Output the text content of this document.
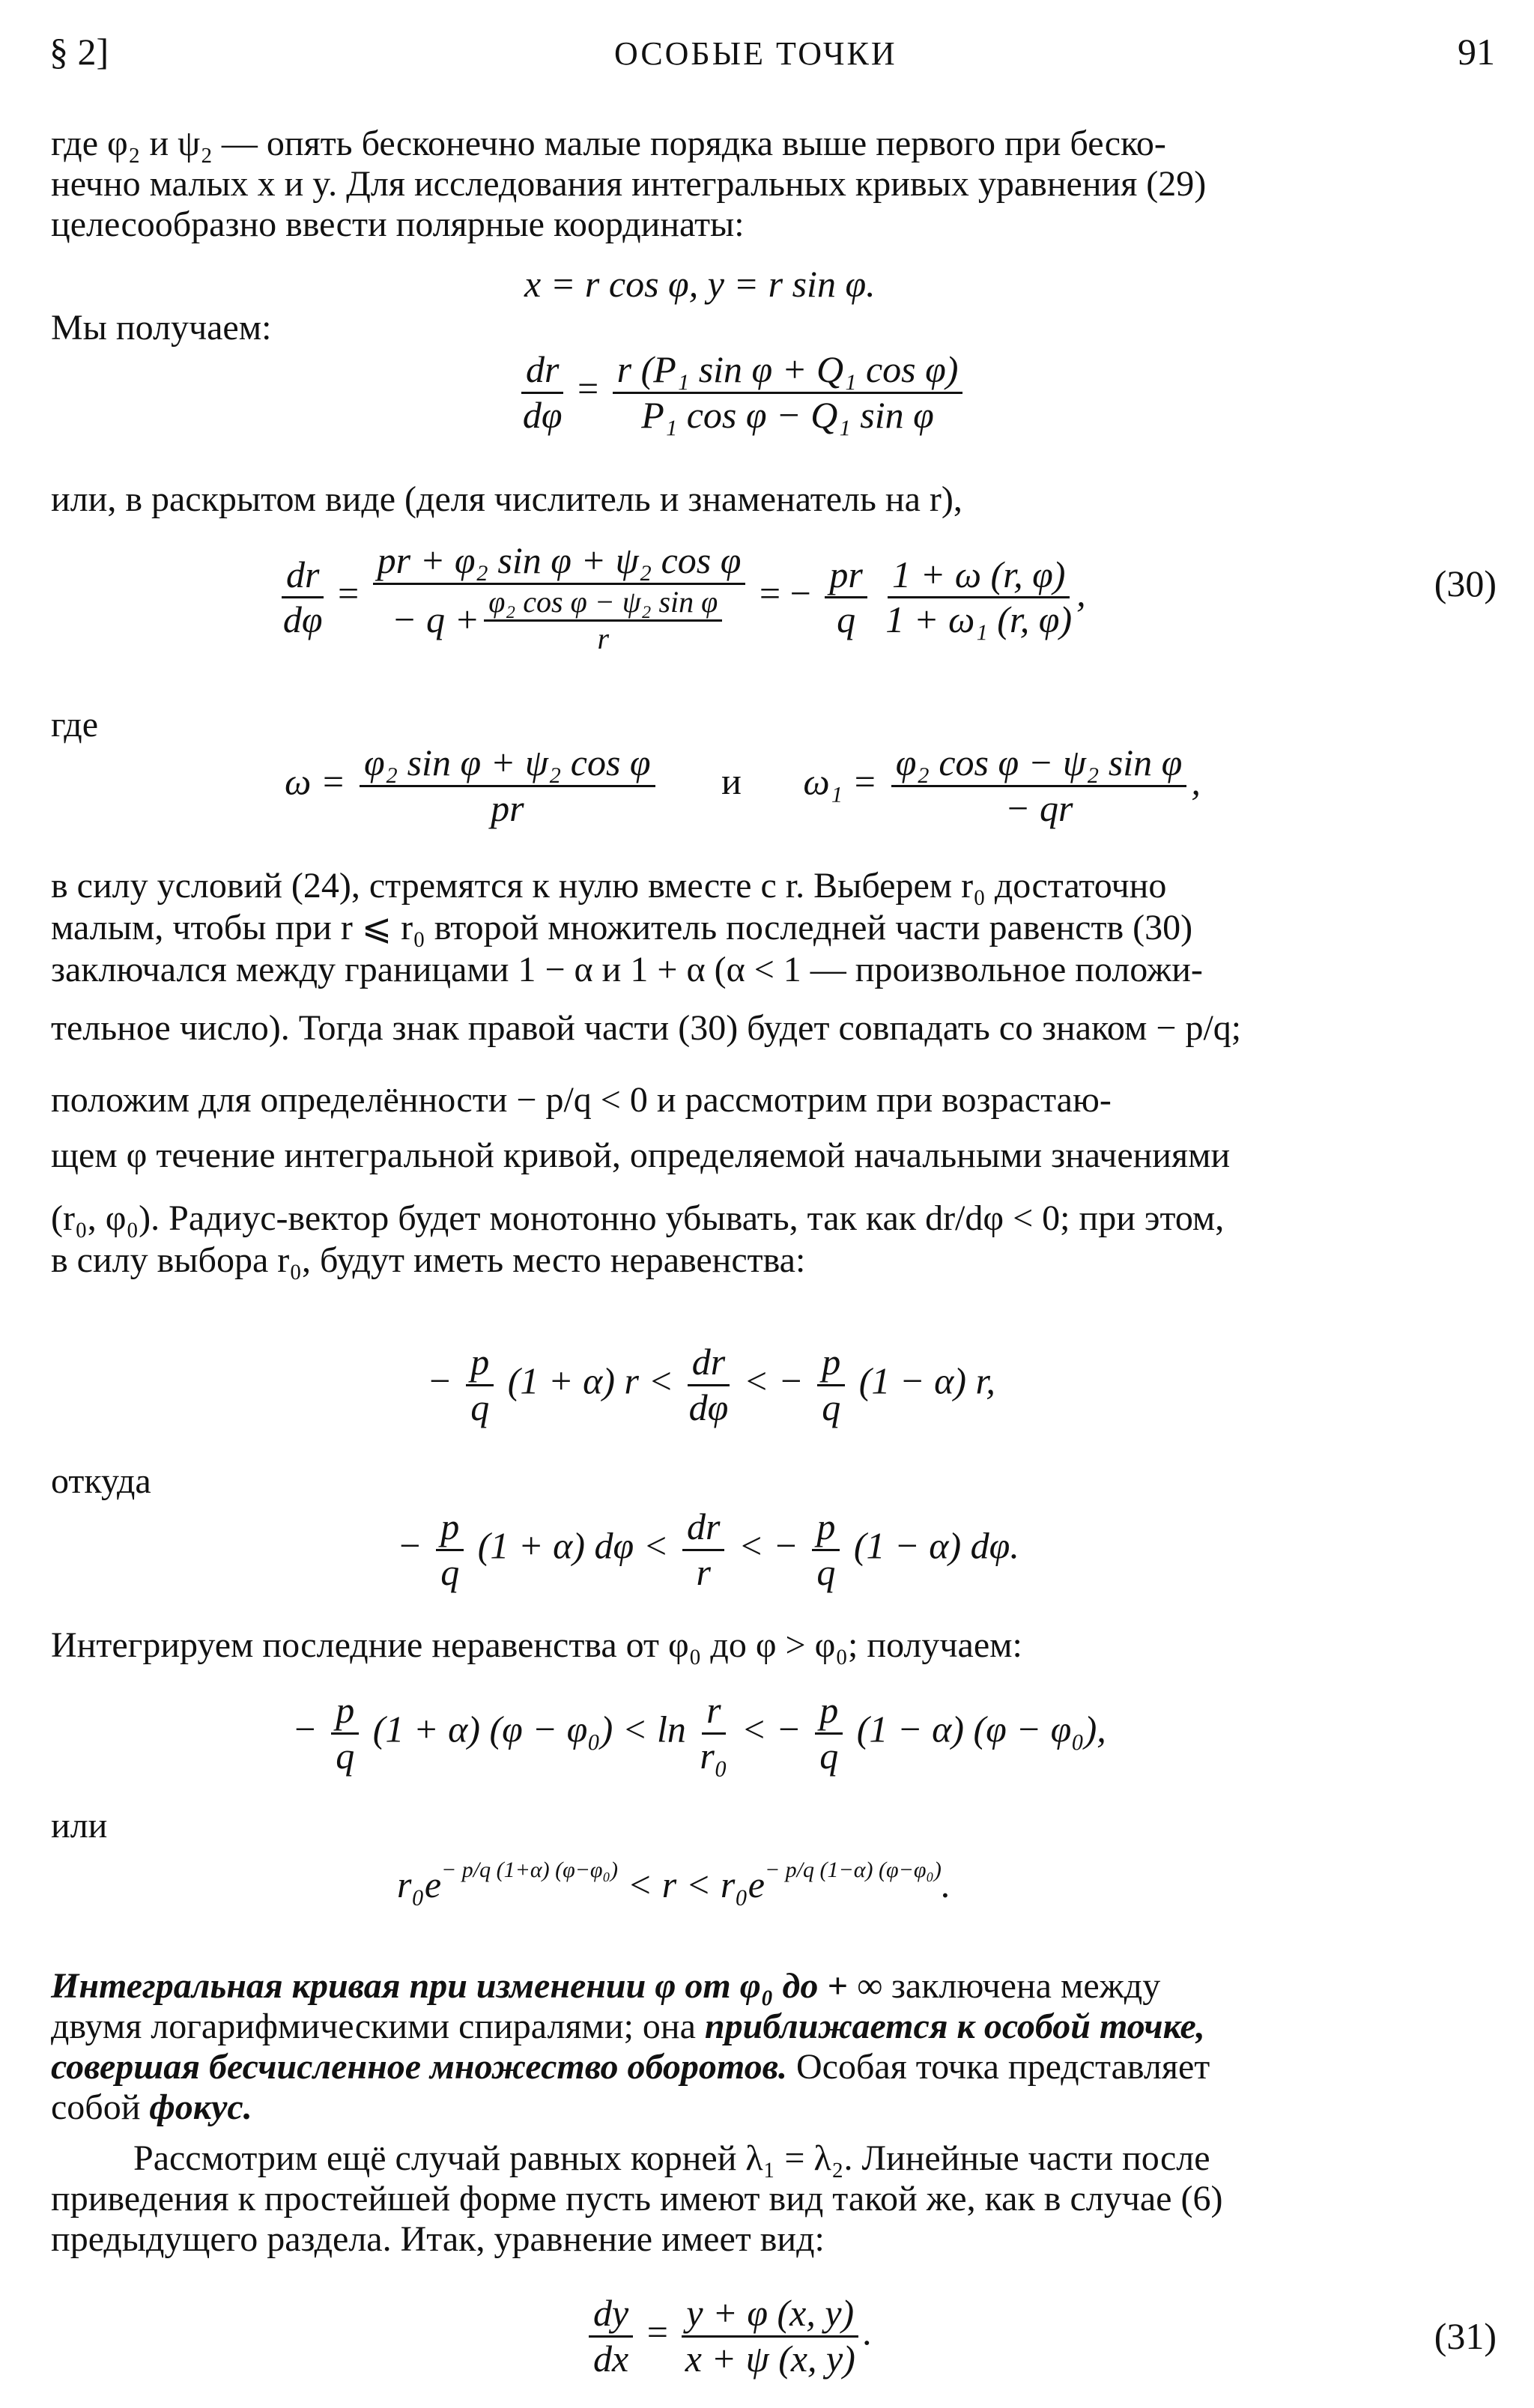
§ 2]	ОСОБЫЕ ТОЧКИ	91
где φ₂ и ψ₂ — опять бесконечно малые порядка выше первого при беско-
нечно малых x и y. Для исследования интегральных кривых уравнения (29)
целесообразно ввести полярные координаты:
x = r cos φ, y = r sin φ.
Мы получаем:
$\frac{dr}{d\varphi} = \frac{\text{r (P₁ sin φ + Q₁ cos φ)}}{\text{P₁ cos φ − Q₁ sin φ}}$
или, в раскрытом виде (деля числитель и знаменатель на r),
$\frac{dr}{d\varphi} = \frac{\text{pr + φ₂ sin φ + ψ₂ cos φ}}{- q + \frac{\text{φ₂ cos φ − ψ₂ sin φ}}{r}}$ = − $\frac{pr}{q}$
$\frac{1 + \omega (r, \varphi)}{\text{1 + ω₁ (r, φ)}}$ ,	(30)
где
$\omega = \frac{\text{φ₂ sin φ + ψ₂ cos φ}}{pr}$ и $\omega_1 = \frac{\text{φ₂ cos φ − ψ₂ sin φ}}{- qr}$ ,
в силу условий (24), стремятся к нулю вместе с r. Выберем r₀ достаточно
малым, чтобы при r ⩽ r₀ второй множитель последней части равенств (30)
заключался между границами 1 − α и 1 + α (α < 1 — произвольное положи-
тельное число). Тогда знак правой части (30) будет совпадать со знаком − p/q;
положим для определённости − p/q < 0 и рассмотрим при возрастаю-
щем φ течение интегральной кривой, определяемой начальными значениями
(r₀, φ₀). Радиус-вектор будет монотонно убывать, так как dr/dφ < 0; при этом,
в силу выбора r₀, будут иметь место неравенства:
− $\frac{p}{q} (1 + \alpha) r < \frac{dr}{d\varphi}$ < − $\frac{p}{q} (1 - \alpha)$ r,
откуда
− $\frac{p}{q} (1 + \alpha) d\varphi < \frac{dr}{r}$ < − $\frac{p}{q} (1 - \alpha)$ dφ.
Интегрируем последние неравенства от φ₀ до φ > φ₀; получаем:
− $\frac{p}{q} (1 + \alpha) (\varphi - \varphi_0) < \ln \frac{r}{\text{r₀}}$ < − $\frac{p}{q} (1 - \alpha) (\varphi - \varphi_0)$,
или
$r_0e^{- p/q (1+\alpha) (\varphi-\varphi_0)} < r < r_0e^{- p/q (1-\alpha) (\varphi-\varphi_0)}$.
Интегральная кривая при изменении φ от φ₀ до + ∞ заключена между
двумя логарифмическими спиралями; она приближается к особой точке,
совершая бесчисленное множество оборотов. Особая точка представляет
собой фокус.
Рассмотрим ещё случай равных корней λ₁ = λ₂. Линейные части после
приведения к простейшей форме пусть имеют вид такой же, как в случае (6)
предыдущего раздела. Итак, уравнение имеет вид:
$\frac{dy}{dx} = \frac{y + \varphi (x, y)}{x + \psi (x, y)}$ .	(31)
